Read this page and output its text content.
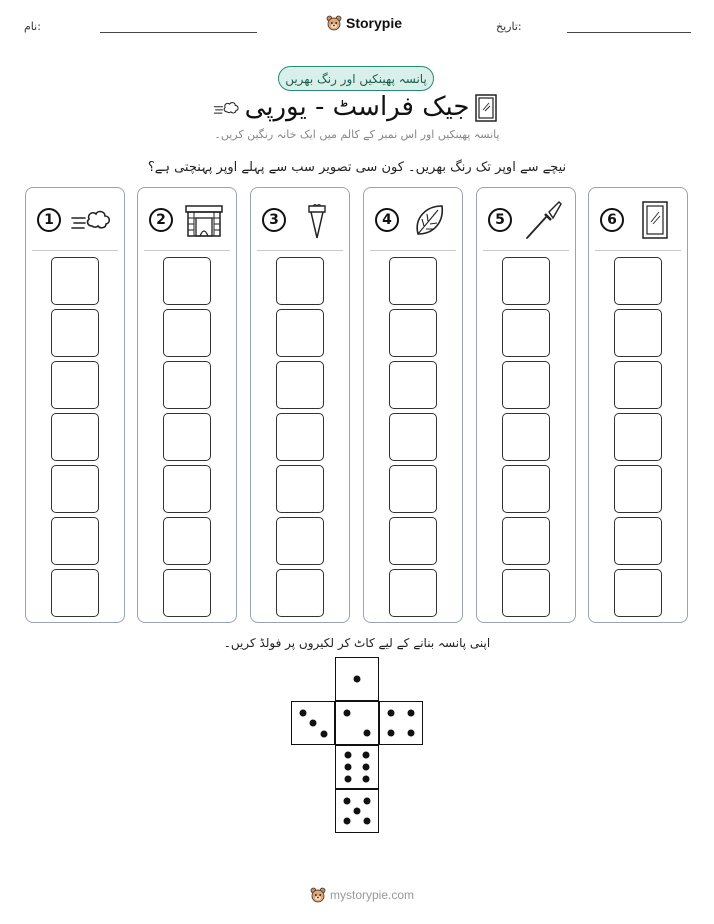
نام:	Storypie	تاریخ:
پانسہ پھینکیں اور رنگ بھریں
جیک فراسٹ - یورپی
پانسہ پھینکیں اور اس نمبر کے کالم میں ایک خانہ رنگین کریں۔
نیچے سے اوپر تک رنگ بھریں۔ کون سی تصویر سب سے پہلے اوپر پہنچتی ہے؟
1	2	3	4	5	6
اپنی پانسہ بنانے کے لیے کاٹ کر لکیروں پر فولڈ کریں۔
mystorypie.com
